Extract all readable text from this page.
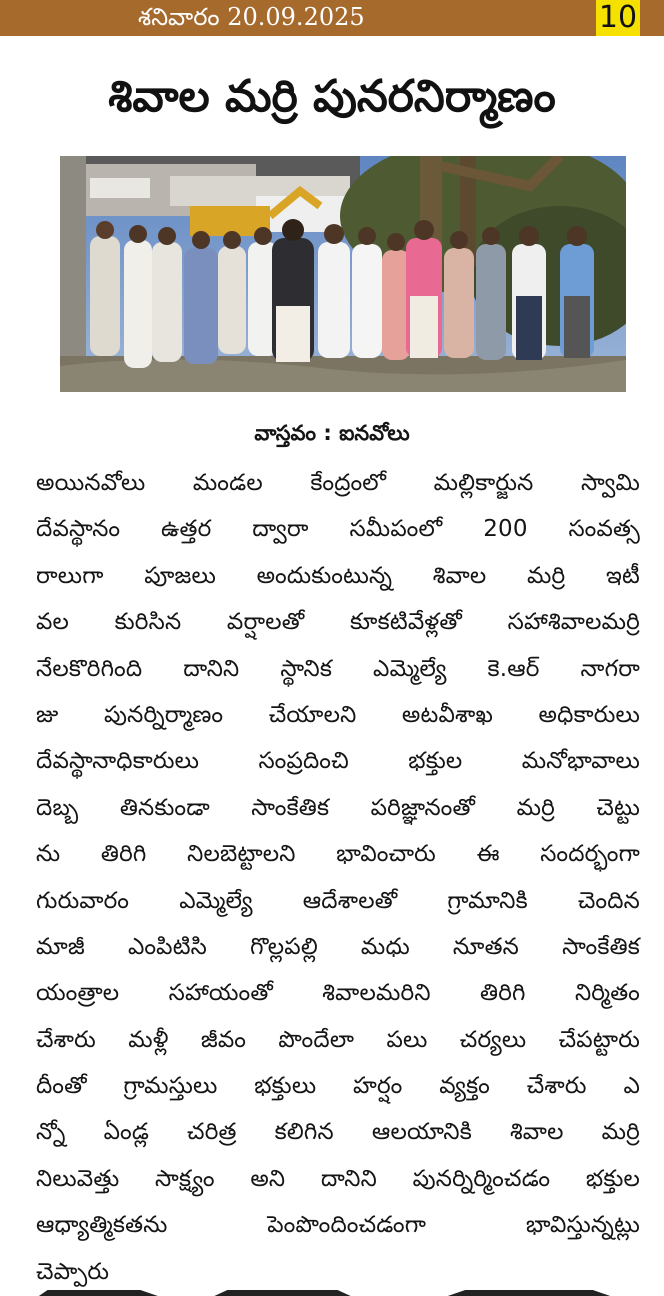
శనివారం 20.09.2025	10
శివాల మర్రి పునరనిర్మాణం
వాస్తవం : ఐనవోలు
అయినవోలు మండల కేంద్రంలో మల్లికార్జున స్వామి
దేవస్థానం ఉత్తర ద్వారా సమీపంలో 200 సంవత్స
రాలుగా పూజలు అందుకుంటున్న శివాల మర్రి ఇటీ
వల కురిసిన వర్షాలతో కూకటివేళ్లతో సహాశివాలమర్రి
నేలకొరిగింది దానిని స్థానిక ఎమ్మెల్యే కె.ఆర్ నాగరా
జు పునర్నిర్మాణం చేయాలని అటవీశాఖ అధికారులు
దేవస్థానాధికారులు సంప్రదించి భక్తుల మనోభావాలు
దెబ్బ తినకుండా సాంకేతిక పరిజ్ఞానంతో మర్రి చెట్టు
ను తిరిగి నిలబెట్టాలని భావించారు ఈ సందర్భంగా
గురువారం ఎమ్మెల్యే ఆదేశాలతో గ్రామానికి చెందిన
మాజీ ఎంపిటిసి గొల్లపల్లి మధు నూతన సాంకేతిక
యంత్రాల సహాయంతో శివాలమరిని తిరిగి నిర్మితం
చేశారు మళ్లీ జీవం పొందేలా పలు చర్యలు చేపట్టారు
దీంతో గ్రామస్తులు భక్తులు హర్షం వ్యక్తం చేశారు ఎ
న్నో ఏండ్ల చరిత్ర కలిగిన ఆలయానికి శివాల మర్రి
నిలువెత్తు సాక్ష్యం అని దానిని పునర్నిర్మించడం భక్తుల
ఆధ్యాత్మికతను పెంపొందించడంగా భావిస్తున్నట్లు
చెప్పారు
